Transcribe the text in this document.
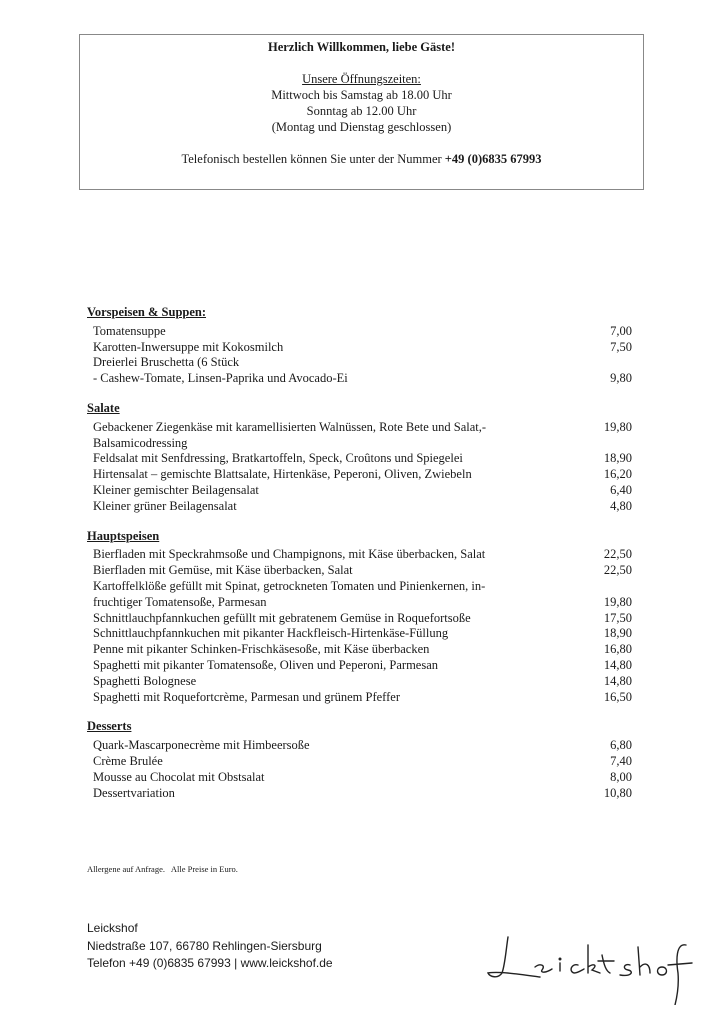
Herzlich Willkommen, liebe Gäste!
Unsere Öffnungszeiten:
Mittwoch bis Samstag ab 18.00 Uhr
Sonntag ab 12.00 Uhr
(Montag und Dienstag geschlossen)
Telefonisch bestellen können Sie unter der Nummer +49 (0)6835 67993
Vorspeisen & Suppen:
Tomatensuppe	7,00
Karotten-Inwersuppe mit Kokosmilch	7,50
Dreierlei Bruschetta (6 Stück
- Cashew-Tomate, Linsen-Paprika und Avocado-Ei	9,80
Salate
Gebackener Ziegenkäse mit karamellisierten Walnüssen, Rote Bete und Salat,-	19,80
Balsamicodressing
Feldsalat mit Senfdressing, Bratkartoffeln, Speck, Croûtons und Spiegelei	18,90
Hirtensalat – gemischte Blattsalate, Hirtenkäse, Peperoni, Oliven, Zwiebeln	16,20
Kleiner gemischter Beilagensalat	6,40
Kleiner grüner Beilagensalat	4,80
Hauptspeisen
Bierfladen mit Speckrahmsoße und Champignons, mit Käse überbacken, Salat	22,50
Bierfladen mit Gemüse, mit Käse überbacken, Salat	22,50
Kartoffelklöße gefüllt mit Spinat, getrockneten Tomaten und Pinienkernen, in-
fruchtiger Tomatensoße, Parmesan	19,80
Schnittlauchpfannkuchen gefüllt mit gebratenem Gemüse in Roquefortsoße	17,50
Schnittlauchpfannkuchen mit pikanter Hackfleisch-Hirtenkäse-Füllung	18,90
Penne mit pikanter Schinken-Frischkäsesoße, mit Käse überbacken	16,80
Spaghetti mit pikanter Tomatensoße, Oliven und Peperoni, Parmesan	14,80
Spaghetti Bolognese	14,80
Spaghetti mit Roquefortcrème, Parmesan und grünem Pfeffer	16,50
Desserts
Quark-Mascarponecrème mit Himbeersoße	6,80
Crème Brulée	7,40
Mousse au Chocolat mit Obstsalat	8,00
Dessertvariation	10,80
Allergene auf Anfrage.   Alle Preise in Euro.
Leickshof
Niedstraße 107, 66780 Rehlingen-Siersburg
Telefon +49 (0)6835 67993 | www.leickshof.de
